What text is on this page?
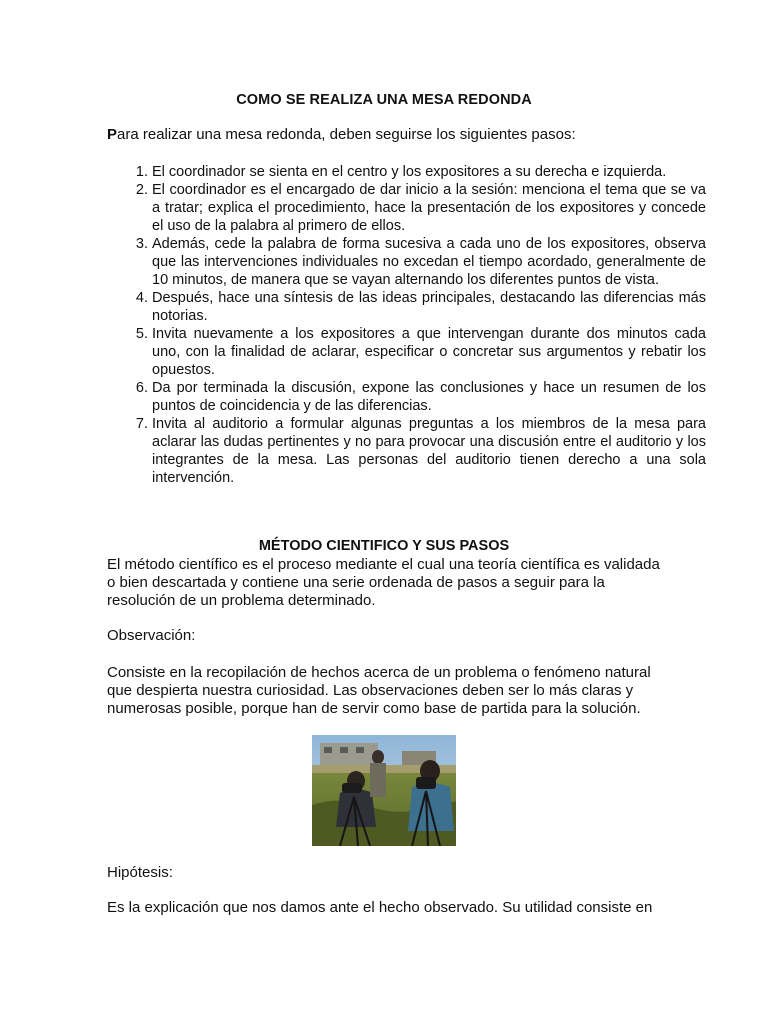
COMO SE REALIZA UNA MESA REDONDA
Para realizar una mesa redonda, deben seguirse los siguientes pasos:
1. El coordinador se sienta en el centro y los expositores a su derecha e izquierda.
2. El coordinador es el encargado de dar inicio a la sesión: menciona el tema que se va a tratar; explica el procedimiento, hace la presentación de los expositores y concede el uso de la palabra al primero de ellos.
3. Además, cede la palabra de forma sucesiva a cada uno de los expositores, observa que las intervenciones individuales no excedan el tiempo acordado, generalmente de 10 minutos, de manera que se vayan alternando los diferentes puntos de vista.
4. Después, hace una síntesis de las ideas principales, destacando las diferencias más notorias.
5. Invita nuevamente a los expositores a que intervengan durante dos minutos cada uno, con la finalidad de aclarar, especificar o concretar sus argumentos y rebatir los opuestos.
6. Da por terminada la discusión, expone las conclusiones y hace un resumen de los puntos de coincidencia y de las diferencias.
7. Invita al auditorio a formular algunas preguntas a los miembros de la mesa para aclarar las dudas pertinentes y no para provocar una discusión entre el auditorio y los integrantes de la mesa. Las personas del auditorio tienen derecho a una sola intervención.
MÉTODO CIENTIFICO Y SUS PASOS
El método científico es el proceso mediante el cual una teoría científica es validada o bien descartada y contiene una serie ordenada de pasos a seguir para la resolución de un problema determinado.
Observación:
Consiste en la recopilación de hechos acerca de un problema o fenómeno natural que despierta nuestra curiosidad. Las observaciones deben ser lo más claras y numerosas posible, porque han de servir como base de partida para la solución.
Hipótesis:
Es la explicación que nos damos ante el hecho observado. Su utilidad consiste en
